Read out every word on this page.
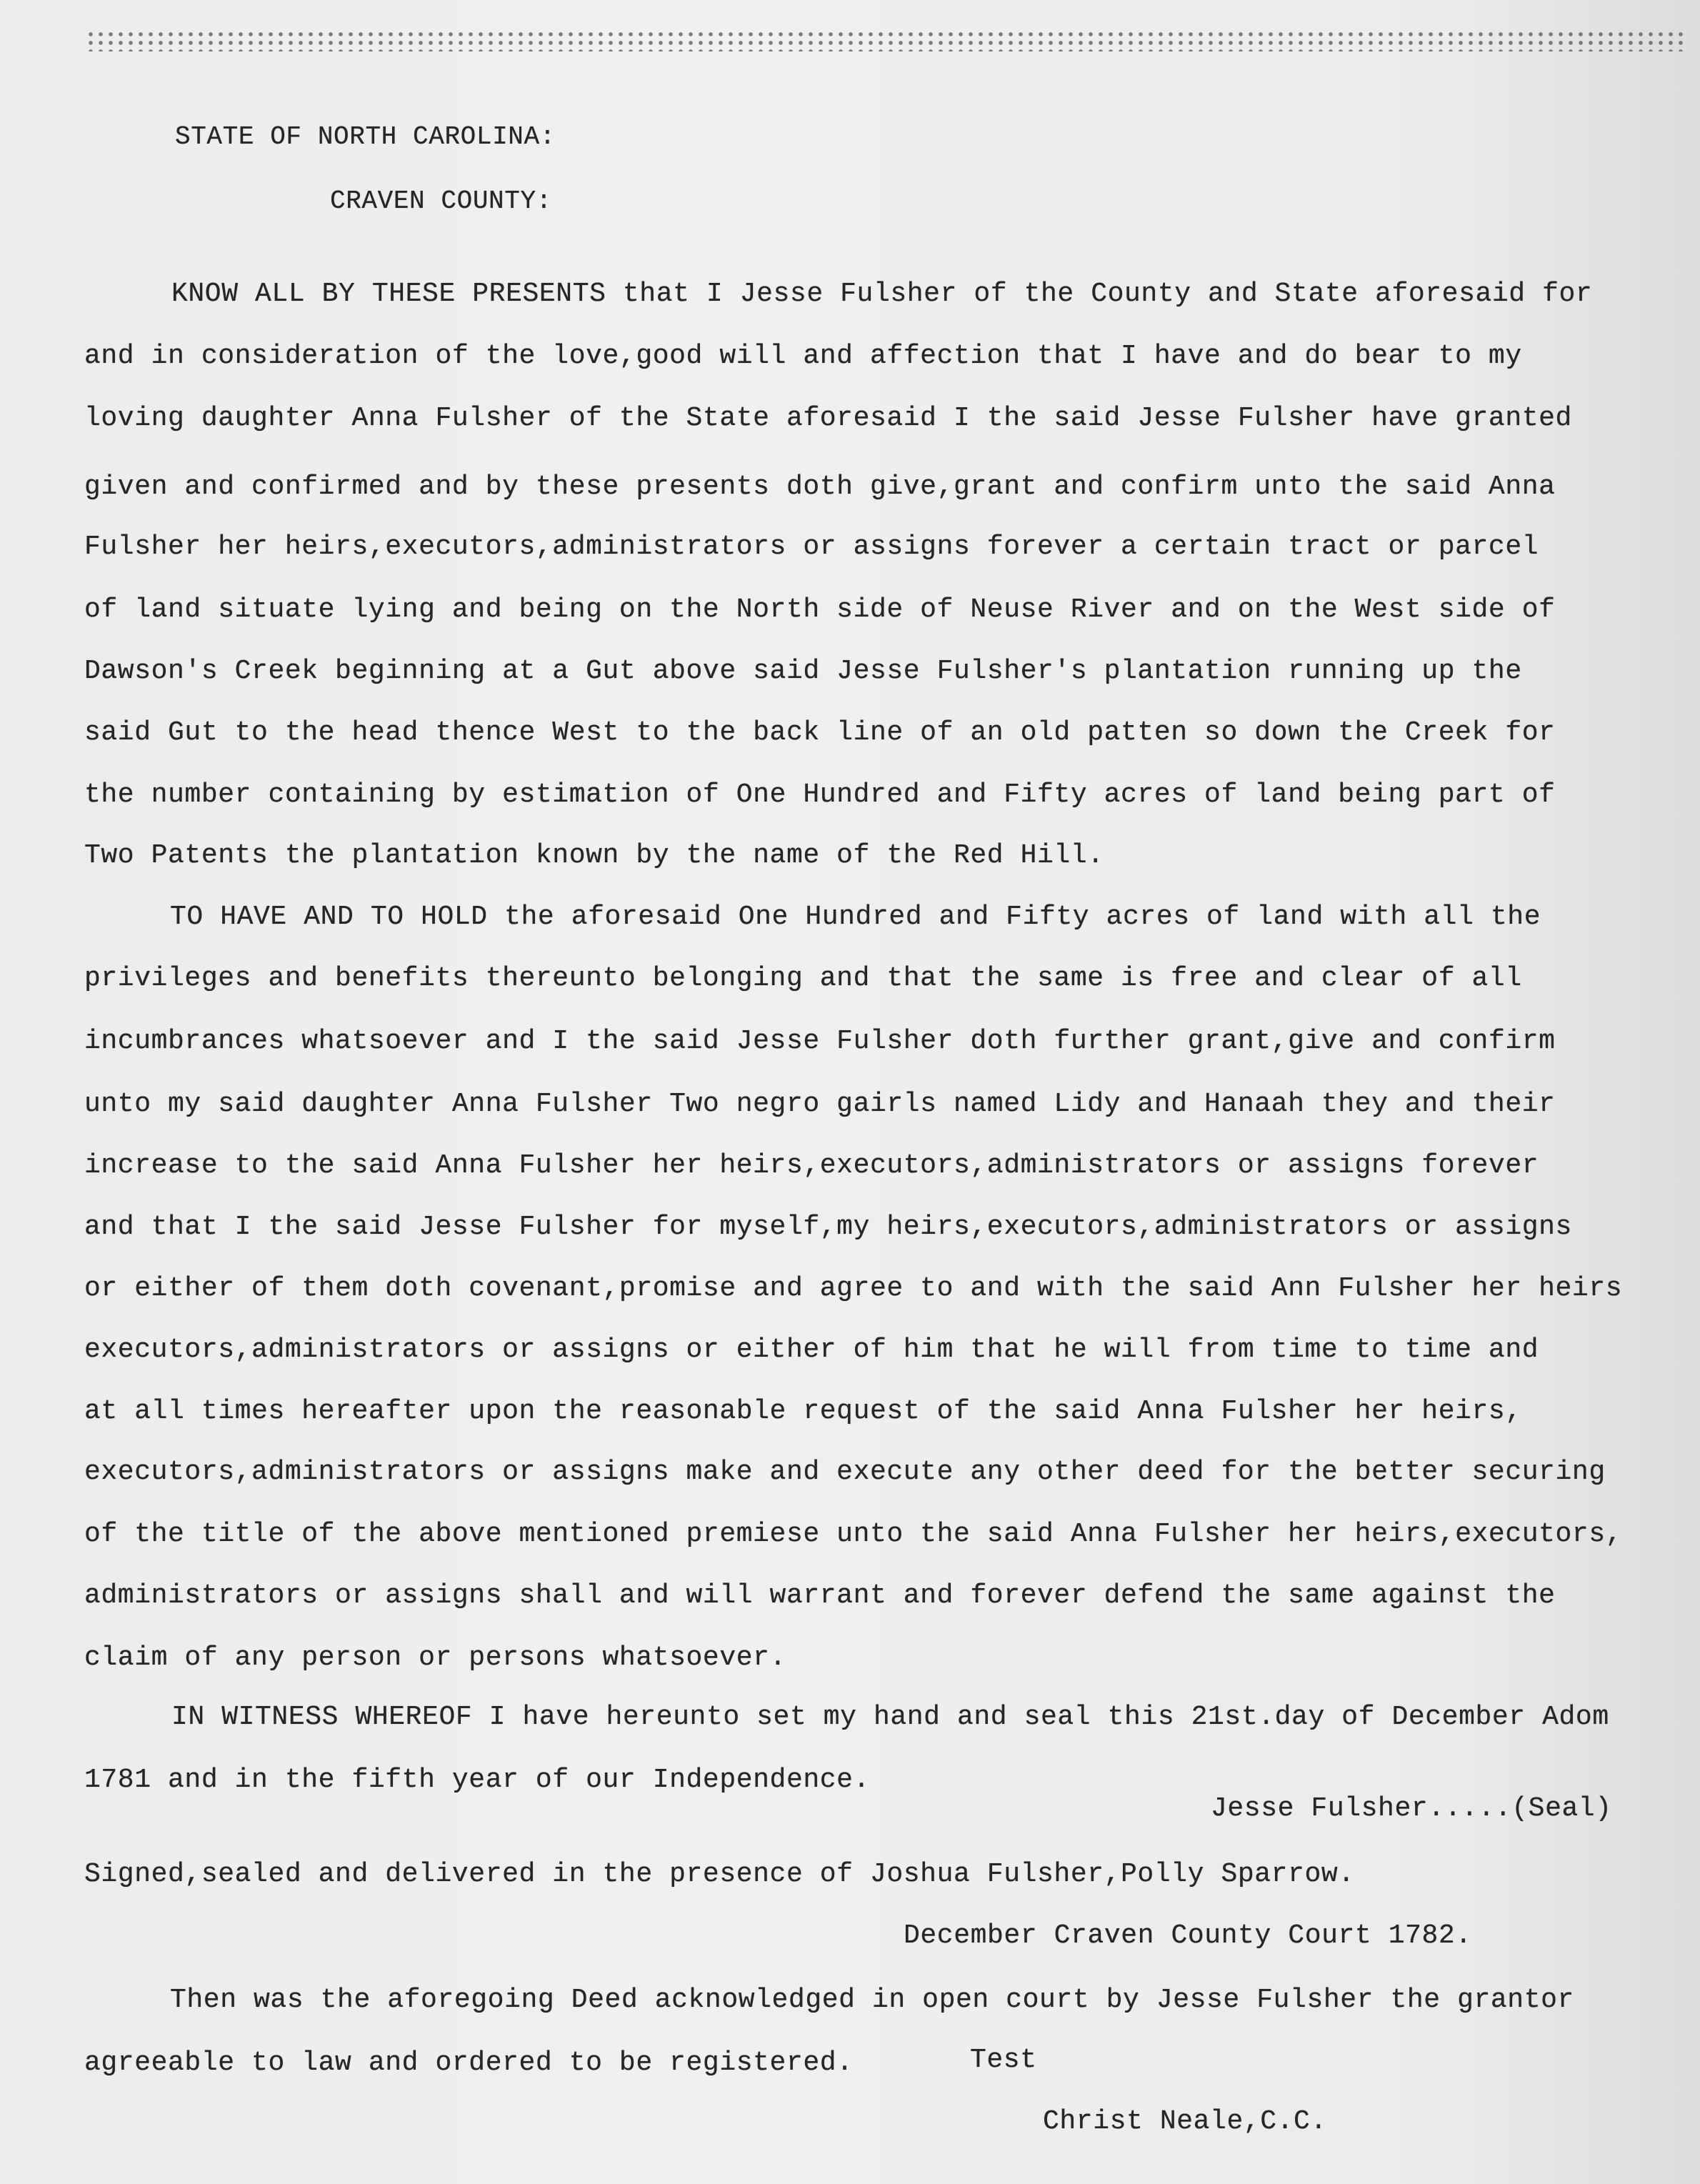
STATE OF NORTH CAROLINA:
CRAVEN COUNTY:
KNOW ALL BY THESE PRESENTS that I Jesse Fulsher of the County and State aforesaid for
and in consideration of the love,good will and affection that I have and do bear to my
loving daughter Anna Fulsher of the State aforesaid I the said Jesse Fulsher have granted
given and confirmed and by these presents doth give,grant and confirm unto the said Anna
Fulsher her heirs,executors,administrators or assigns forever a certain tract or parcel
of land situate lying and being on the North side of Neuse River and on the West side of
Dawson's Creek beginning at a Gut above said Jesse Fulsher's plantation running up the
said Gut to the head thence West to the back line of an old patten so down the Creek for
the number containing by estimation of One Hundred and Fifty acres of land being part of
Two Patents the plantation known by the name of the Red Hill.
TO HAVE AND TO HOLD the aforesaid One Hundred and Fifty acres of land with all the
privileges and benefits thereunto belonging and that the same is free and clear of all
incumbrances whatsoever and I the said Jesse Fulsher doth further grant,give and confirm
unto my said daughter Anna Fulsher Two negro gairls named Lidy and Hanaah they and their
increase to the said Anna Fulsher her heirs,executors,administrators or assigns forever
and that I the said Jesse Fulsher for myself,my heirs,executors,administrators or assigns
or either of them doth covenant,promise and agree to and with the said Ann Fulsher her heirs
executors,administrators or assigns or either of him that he will from time to time and
at all times hereafter upon the reasonable request of the said Anna Fulsher her heirs,
executors,administrators or assigns make and execute any other deed for the better securing
of the title of the above mentioned premiese unto the said Anna Fulsher her heirs,executors,
administrators or assigns shall and will warrant and forever defend the same against the
claim of any person or persons whatsoever.
IN WITNESS WHEREOF I have hereunto set my hand and seal this 21st.day of December Adom
1781 and in the fifth year of our Independence.
Jesse Fulsher.....(Seal)
Signed,sealed and delivered in the presence of Joshua Fulsher,Polly Sparrow.
December Craven County Court 1782.
Then was the aforegoing Deed acknowledged in open court by Jesse Fulsher the grantor
agreeable to law and ordered to be registered.	Test
Christ Neale,C.C.
